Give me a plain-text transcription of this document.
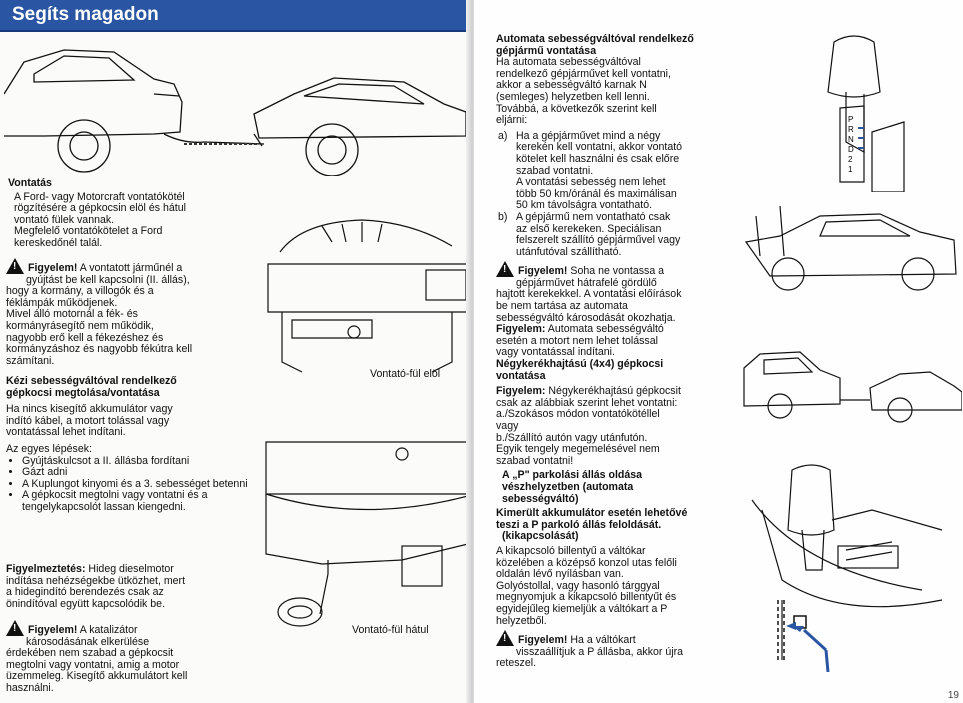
Segíts magadon

Vontatás

A Ford- vagy Motorcraft vontatókötél

rögzítésére a gépkocsin elöl és hátul

vontató fülek vannak.

Megfelelő vontatókötelet a Ford

kereskedőnél talál.

!Figyelem! A vontatott járműnél a

gyújtást be kell kapcsolni (II. állás),

hogy a kormány, a villogók és a

féklámpák működjenek.

Mivel álló motornál a fék- és

kormányrásegítő nem működik,

nagyobb erő kell a fékezéshez és

kormányzáshoz és nagyobb fékútra kell

számítani.

Kézi sebességváltóval rendelkező

gépkocsi megtolása/vontatása

Ha nincs kisegítő akkumulátor vagy

indító kábel, a motort tolással vagy

vontatással lehet indítani.

Az egyes lépések:

• Gyújtáskulcsot a II. állásba fordítani
• Gázt adni
• A Kuplungot kinyomi és a 3. sebességet betenni
• A gépkocsit megtolni vagy vontatni és a tengelykapcsolót lassan kiengedni.

Figyelmeztetés: Hideg dieselmotor

indítása nehézségekbe ütközhet, mert

a hidegindító berendezés csak az

önindítóval együtt kapcsolódik be.

!Figyelem! A katalizátor

károsodásának elkerülése

érdekében nem szabad a gépkocsit

megtolni vagy vontatni, amig a motor

üzemmeleg. Kisegítő akkumulátort kell

használni.

Vontató-fül elöl
Vontató-fül hátul

Automata sebességváltóval rendelkező

gépjármű vontatása

Ha automata sebességváltóval

rendelkező gépjárművet kell vontatni,

akkor a sebességváltó karnak N

(semleges) helyzetben kell lenni.

Továbbá, a következők szerint kell

eljárni:

a) Ha a gépjárművet mind a négy

kerekén kell vontatni, akkor vontató

kötelet kell használni és csak előre

szabad vontatni.

A vontatási sebesség nem lehet

több 50 km/óránál és maximálisan

50 km távolságra vontatható.

b) A gépjármű nem vontatható csak

az első kerekeken. Speciálisan

felszerelt szállító gépjárművel vagy

utánfutóval szállítható.

!Figyelem! Soha ne vontassa a

gépjárművet hátrafelé gördülő

hajtott kerekekkel. A vontatási előírások

be nem tartása az automata

sebességváltó károsodását okozhatja.

Figyelem: Automata sebességváltó

esetén a motort nem lehet tolással

vagy vontatással indítani.

Négykerékhajtású (4x4) gépkocsi

vontatása

Figyelem: Négykerékhajtású gépkocsit

csak az alábbiak szerint lehet vontatni:

a./Szokásos módon vontatókötéllel

vagy

b./Szállító autón vagy utánfutón.

Egyik tengely megemelésével nem

szabad vontatni!

A „P" parkolási állás oldása

vészhelyzetben (automata

sebességváltó)

Kimerült akkumulátor esetén lehetővé

teszi a P parkoló állás feloldását.

(kikapcsolását)

A kikapcsoló billentyű a váltókar

közelében a középső konzol utas felőli

oldalán lévő nyílásban van.

Golyóstollal, vagy hasonló tárggyal

megnyomjuk a kikapcsoló billentyűt és

egyidejűleg kiemeljük a váltókart a P

helyzetből.

!Figyelem! Ha a váltókart

visszaállítjuk a P állásba, akkor újra

reteszel.

P
R
N
D
2
1
19
